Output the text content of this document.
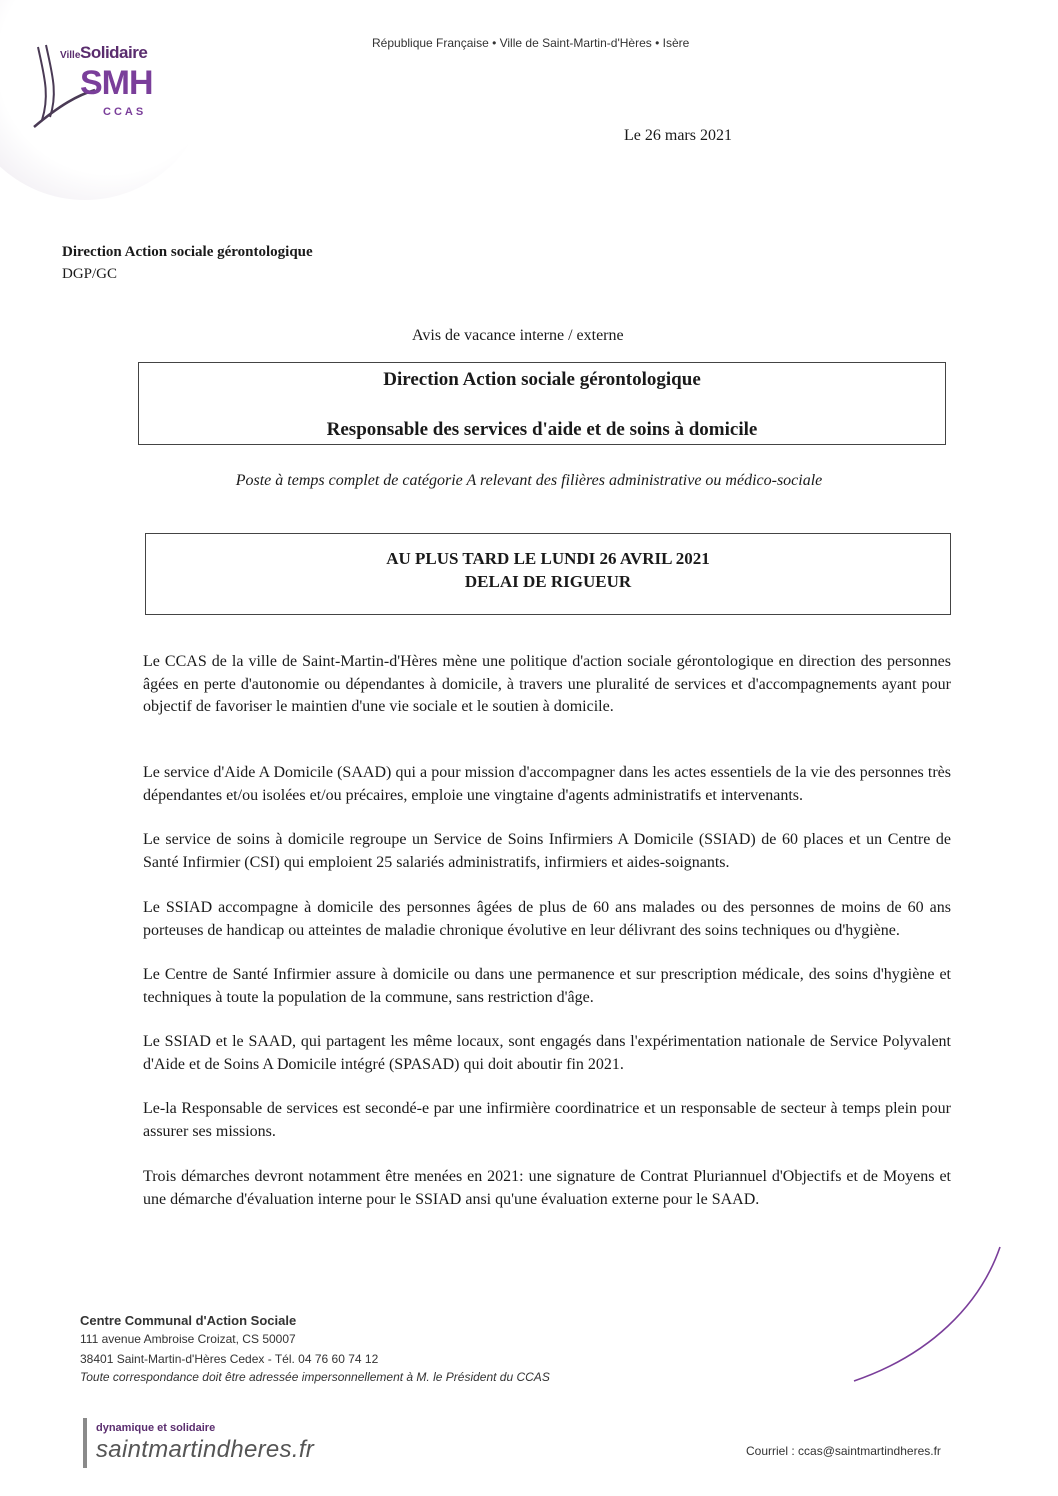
Ville Solidaire
SMH
CCAS
République Française • Ville de Saint-Martin-d'Hères • Isère
Le 26 mars 2021
Direction Action sociale gérontologique
DGP/GC
Avis de vacance interne / externe
Direction Action sociale gérontologique
Responsable des services d'aide et de soins à domicile
Poste à temps complet de catégorie A relevant des filières administrative ou médico-sociale
AU PLUS TARD LE LUNDI 26 AVRIL 2021
DELAI DE RIGUEUR

Le CCAS de la ville de Saint-Martin-d'Hères mène une politique d'action sociale gérontologique en direction des personnes âgées en perte d'autonomie ou dépendantes à domicile, à travers une pluralité de services et d'accompagnements ayant pour objectif de favoriser le maintien d'une vie sociale et le soutien à domicile.

Le service d'Aide A Domicile (SAAD) qui a pour mission d'accompagner dans les actes essentiels de la vie des personnes très dépendantes et/ou isolées et/ou précaires, emploie une vingtaine d'agents administratifs et intervenants.

Le service de soins à domicile regroupe un Service de Soins Infirmiers A Domicile (SSIAD) de 60 places et un Centre de Santé Infirmier (CSI) qui emploient 25 salariés administratifs, infirmiers et aides-soignants.

Le SSIAD accompagne à domicile des personnes âgées de plus de 60 ans malades ou des personnes de moins de 60 ans porteuses de handicap ou atteintes de maladie chronique évolutive en leur délivrant des soins techniques ou d'hygiène.

Le Centre de Santé Infirmier assure à domicile ou dans une permanence et sur prescription médicale, des soins d'hygiène et techniques à toute la population de la commune, sans restriction d'âge.

Le SSIAD et le SAAD, qui partagent les même locaux, sont engagés dans l'expérimentation nationale de Service Polyvalent d'Aide et de Soins A Domicile intégré (SPASAD) qui doit aboutir fin 2021.

Le-la Responsable de services est secondé-e par une infirmière coordinatrice et un responsable de secteur à temps plein pour assurer ses missions.

Trois démarches devront notamment être menées en 2021: une signature de Contrat Pluriannuel d'Objectifs et de Moyens et une démarche d'évaluation interne pour le SSIAD ansi qu'une évaluation externe pour le SAAD.

Centre Communal d'Action Sociale
111 avenue Ambroise Croizat, CS 50007
38401 Saint-Martin-d'Hères Cedex - Tél. 04 76 60 74 12
Toute correspondance doit être adressée impersonnellement à M. le Président du CCAS
dynamique et solidaire
saintmartindheres.fr	Courriel : ccas@saintmartindheres.fr
